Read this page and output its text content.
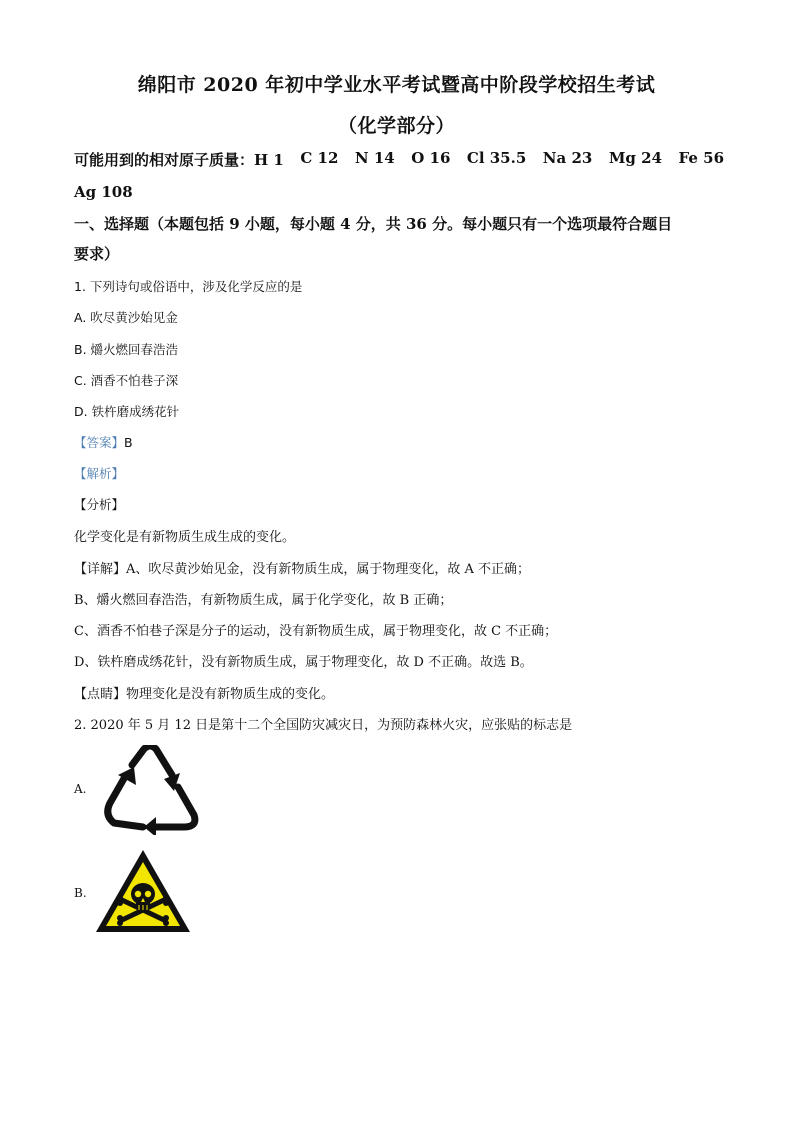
绵阳市 2020 年初中学业水平考试暨高中阶段学校招生考试
（化学部分）
可能用到的相对原子质量：H 1 C 12 N 14 O 16 Cl 35.5 Na 23 Mg 24 Fe 56
Ag 108
一、选择题（本题包括 9 小题，每小题 4 分，共 36 分。每小题只有一个选项最符合题目
要求）
1. 下列诗句或俗语中，涉及化学反应的是
A. 吹尽黄沙始见金
B. 爝火燃回春浩浩
C. 酒香不怕巷子深
D. 铁杵磨成绣花针
【答案】B
【解析】
【分析】
化学变化是有新物质生成生成的变化。
【详解】A、吹尽黄沙始见金，没有新物质生成，属于物理变化，故 A 不正确；
B、爝火燃回春浩浩，有新物质生成，属于化学变化，故 B 正确；
C、酒香不怕巷子深是分子的运动，没有新物质生成，属于物理变化，故 C 不正确；
D、铁杵磨成绣花针，没有新物质生成，属于物理变化，故 D 不正确。故选 B。
【点睛】物理变化是没有新物质生成的变化。
2. 2020 年 5 月 12 日是第十二个全国防灾减灾日，为预防森林火灾，应张贴的标志是
A.
B.
